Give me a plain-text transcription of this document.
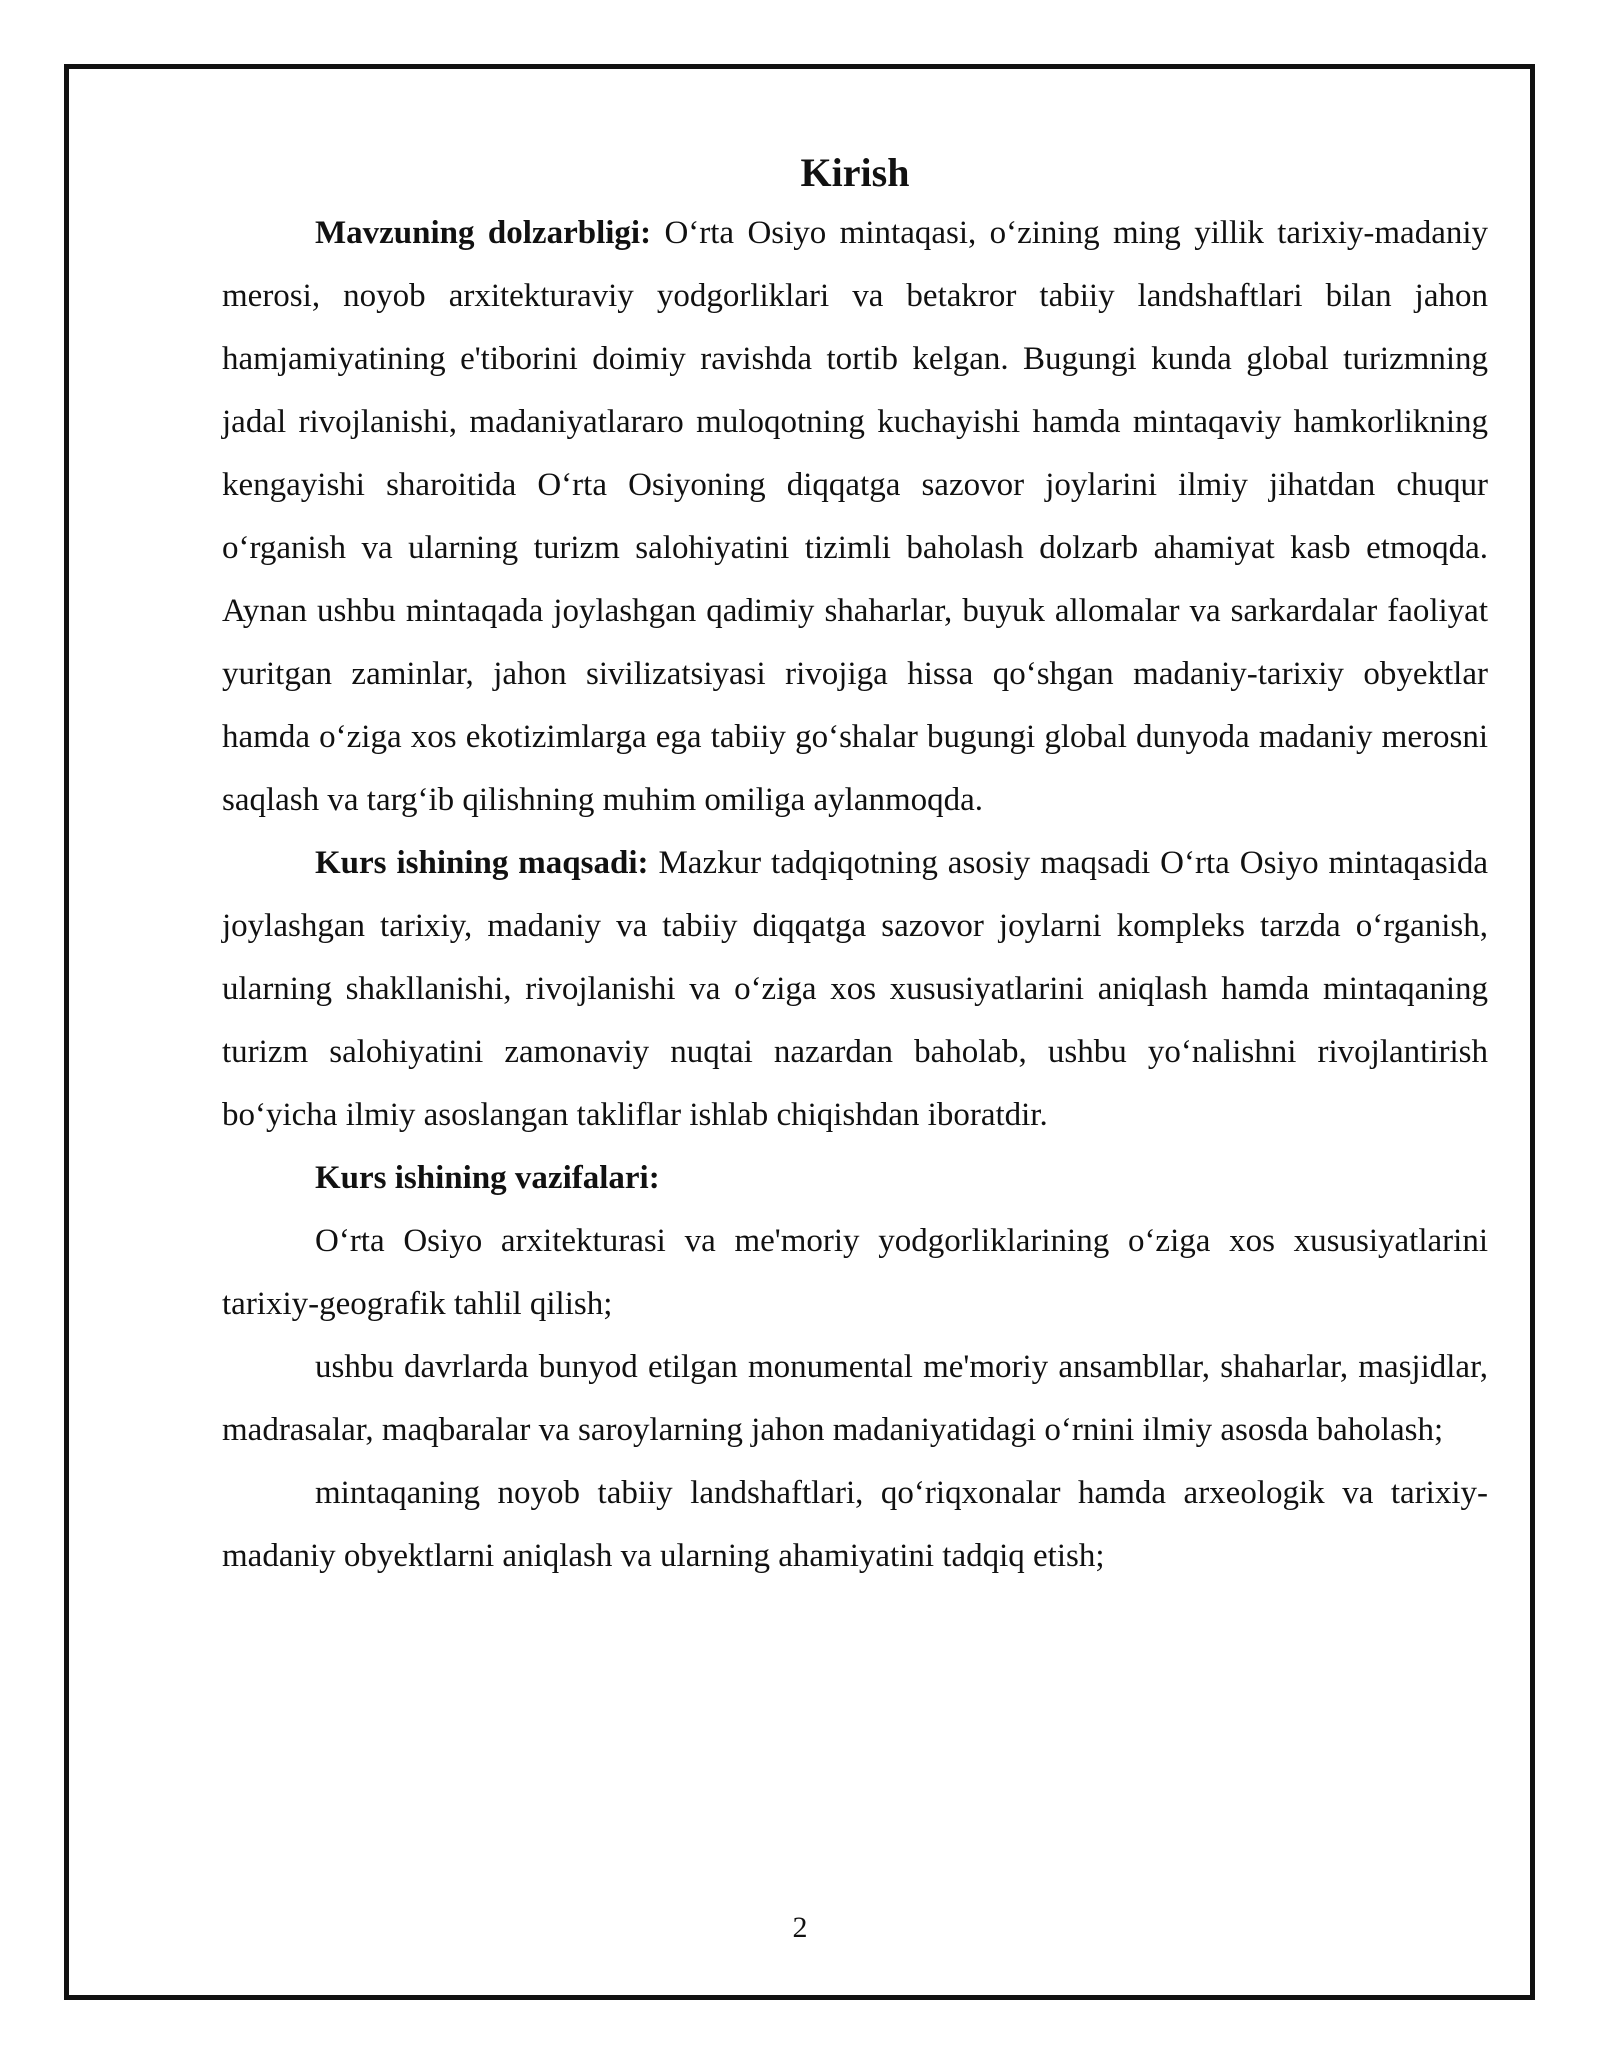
Kirish

Mavzuning dolzarbligi: O‘rta Osiyo mintaqasi, o‘zining ming yillik tarixiy-madaniy merosi, noyob arxitekturaviy yodgorliklari va betakror tabiiy landshaftlari bilan jahon hamjamiyatining e'tiborini doimiy ravishda tortib kelgan. Bugungi kunda global turizmning jadal rivojlanishi, madaniyatlararo muloqotning kuchayishi hamda mintaqaviy hamkorlikning kengayishi sharoitida O‘rta Osiyoning diqqatga sazovor joylarini ilmiy jihatdan chuqur o‘rganish va ularning turizm salohiyatini tizimli baholash dolzarb ahamiyat kasb etmoqda. Aynan ushbu mintaqada joylashgan qadimiy shaharlar, buyuk allomalar va sarkardalar faoliyat yuritgan zaminlar, jahon sivilizatsiyasi rivojiga hissa qo‘shgan madaniy-tarixiy obyektlar hamda o‘ziga xos ekotizimlarga ega tabiiy go‘shalar bugungi global dunyoda madaniy merosni saqlash va targ‘ib qilishning muhim omiliga aylanmoqda.

Kurs ishining maqsadi: Mazkur tadqiqotning asosiy maqsadi O‘rta Osiyo mintaqasida joylashgan tarixiy, madaniy va tabiiy diqqatga sazovor joylarni kompleks tarzda o‘rganish, ularning shakllanishi, rivojlanishi va o‘ziga xos xususiyatlarini aniqlash hamda mintaqaning turizm salohiyatini zamonaviy nuqtai nazardan baholab, ushbu yo‘nalishni rivojlantirish bo‘yicha ilmiy asoslangan takliflar ishlab chiqishdan iboratdir.

Kurs ishining vazifalari:

O‘rta Osiyo arxitekturasi va me'moriy yodgorliklarining o‘ziga xos xususiyatlarini tarixiy-geografik tahlil qilish;

ushbu davrlarda bunyod etilgan monumental me'moriy ansambllar, shaharlar, masjidlar, madrasalar, maqbaralar va saroylarning jahon madaniyatidagi o‘rnini ilmiy asosda baholash;

mintaqaning noyob tabiiy landshaftlari, qo‘riqxonalar hamda arxeologik va tarixiy-madaniy obyektlarni aniqlash va ularning ahamiyatini tadqiq etish;

2
